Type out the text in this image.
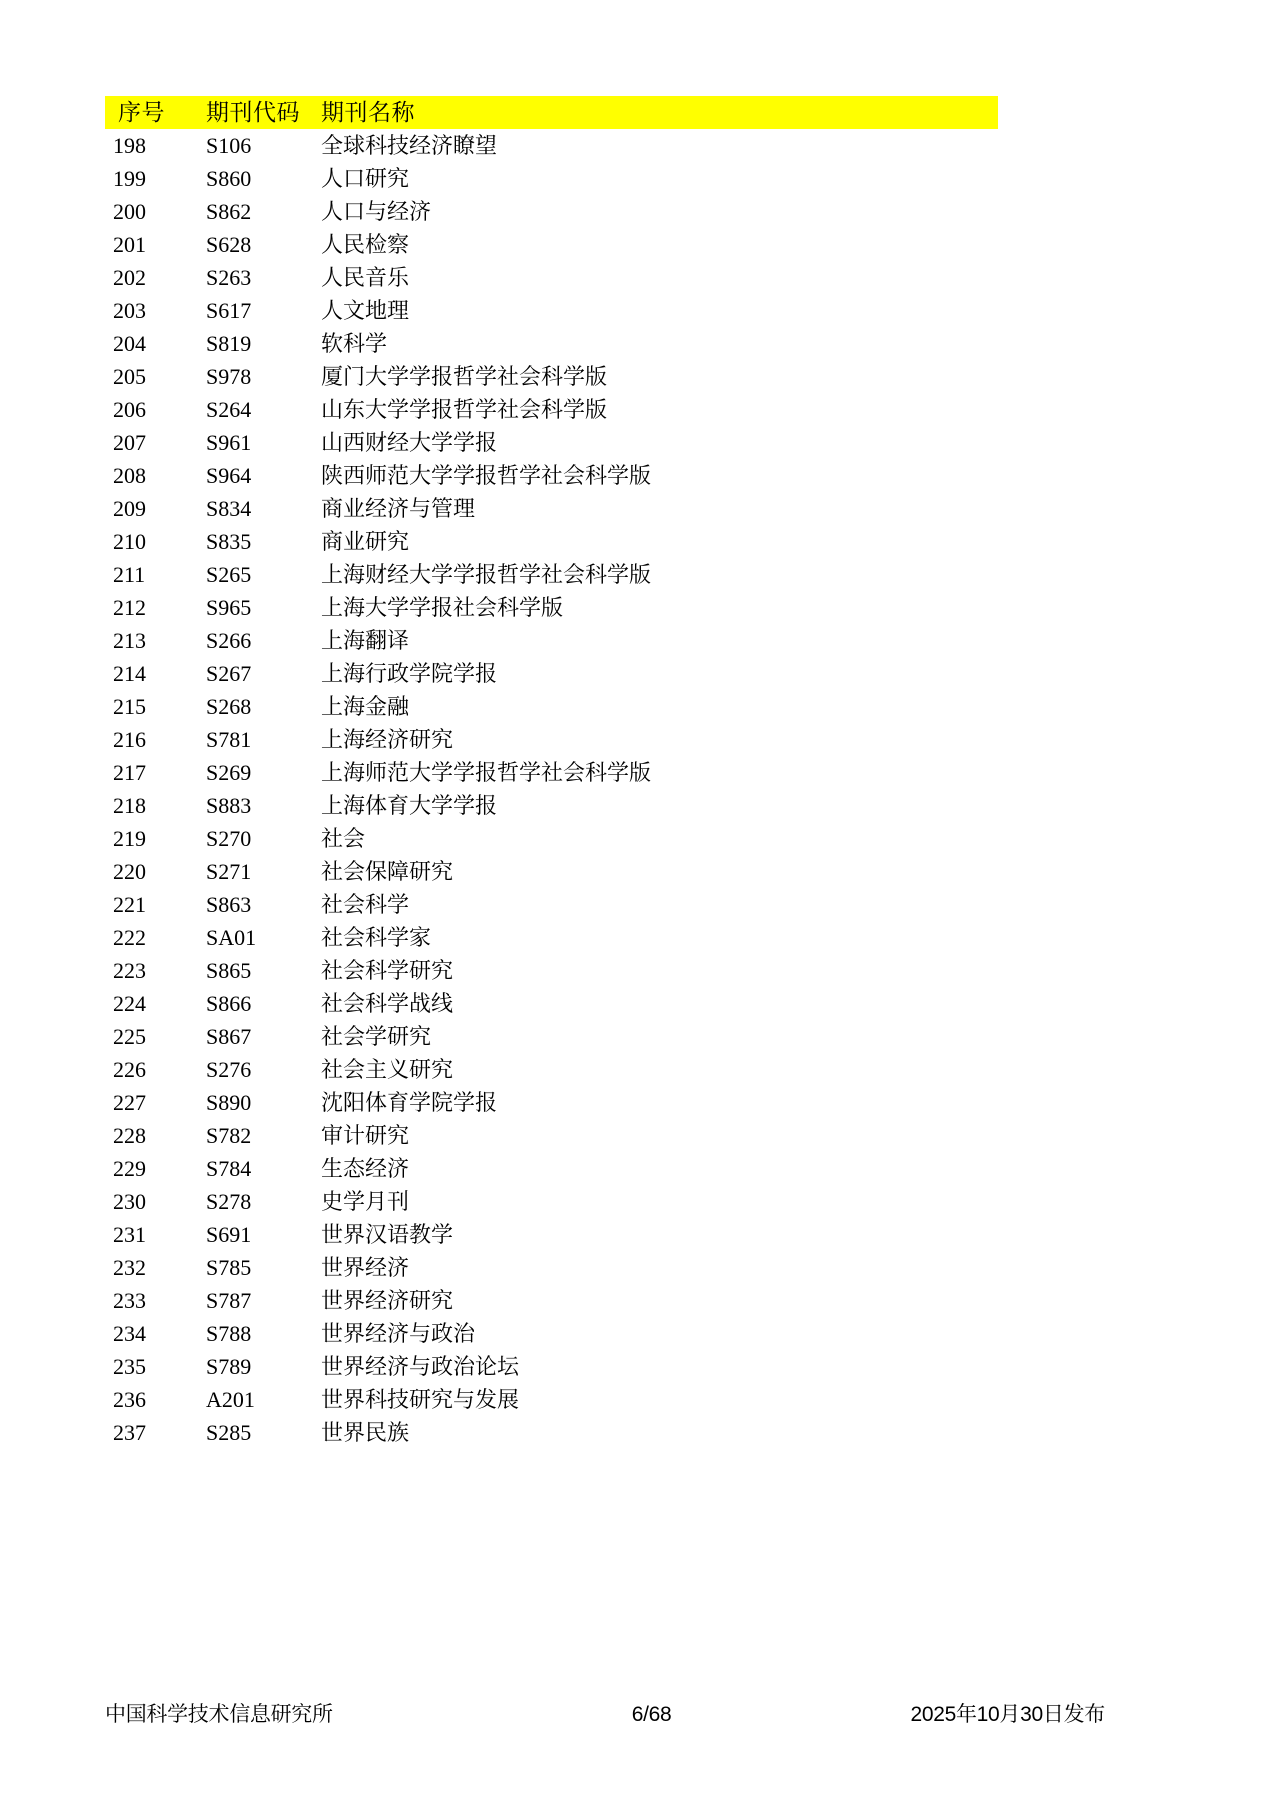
序号	期刊代码	期刊名称
198	S106	全球科技经济瞭望
199	S860	人口研究
200	S862	人口与经济
201	S628	人民检察
202	S263	人民音乐
203	S617	人文地理
204	S819	软科学
205	S978	厦门大学学报哲学社会科学版
206	S264	山东大学学报哲学社会科学版
207	S961	山西财经大学学报
208	S964	陕西师范大学学报哲学社会科学版
209	S834	商业经济与管理
210	S835	商业研究
211	S265	上海财经大学学报哲学社会科学版
212	S965	上海大学学报社会科学版
213	S266	上海翻译
214	S267	上海行政学院学报
215	S268	上海金融
216	S781	上海经济研究
217	S269	上海师范大学学报哲学社会科学版
218	S883	上海体育大学学报
219	S270	社会
220	S271	社会保障研究
221	S863	社会科学
222	SA01	社会科学家
223	S865	社会科学研究
224	S866	社会科学战线
225	S867	社会学研究
226	S276	社会主义研究
227	S890	沈阳体育学院学报
228	S782	审计研究
229	S784	生态经济
230	S278	史学月刊
231	S691	世界汉语教学
232	S785	世界经济
233	S787	世界经济研究
234	S788	世界经济与政治
235	S789	世界经济与政治论坛
236	A201	世界科技研究与发展
237	S285	世界民族
中国科学技术信息研究所	6/68	2025年10月30日发布
